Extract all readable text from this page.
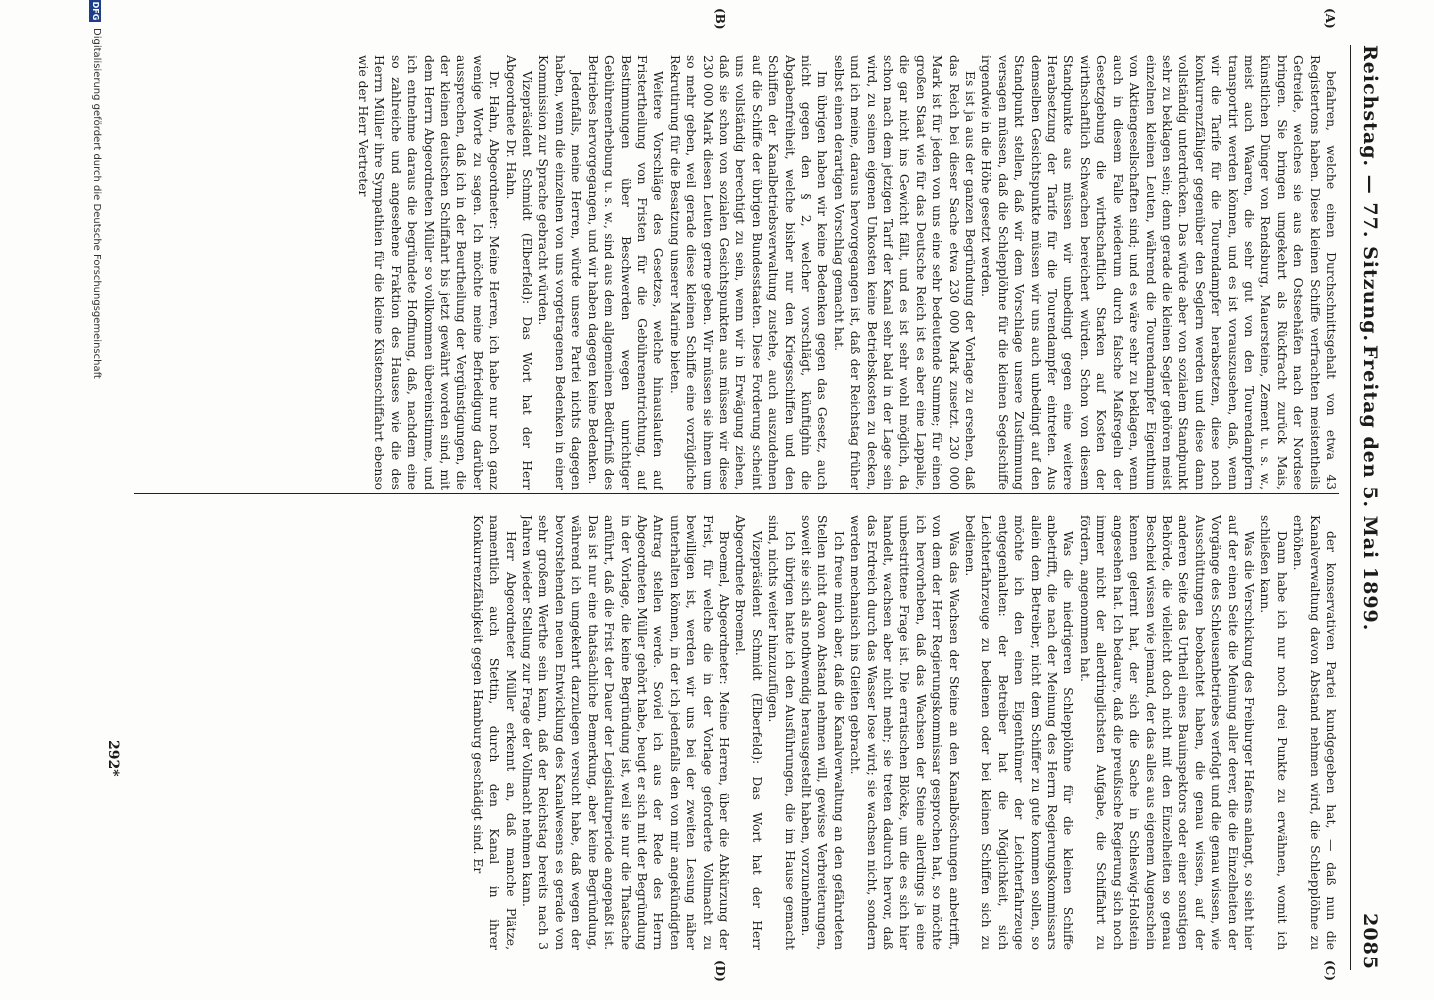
Reichstag. — 77. Sitzung.
Freitag den 5. Mai 1899.
2085
(A)
(B)
(C)
(D)

befahren, welche einen Durchschnittsgehalt von etwa 43 Registertons haben. Diese kleinen Schiffe verfrachten meistentheils Getreide, welches sie aus den Ostseehäfen nach der Nordsee bringen. Sie bringen umgekehrt als Rückfracht zurück Mais, künstlichen Dünger von Rendsburg, Mauersteine, Zement u. s. w., meist auch Waaren, die sehr gut von den Tourendampfern transportirt werden können, und es ist vorauszusehen, daß, wenn wir die Tarife für die Tourendampfer herabsetzen, diese noch konkurrenzfähiger gegenüber den Seglern werden und diese dann vollständig unterdrücken. Das würde aber von sozialem Standpunkt sehr zu beklagen sein; denn gerade die kleinen Segler gehören meist einzelnen kleinen Leuten, während die Tourendampfer Eigenthum von Aktiengesellschaften sind; und es wäre sehr zu beklagen, wenn auch in diesem Falle wiederum durch falsche Maßregeln der Gesetzgebung die wirthschaftlich Starken auf Kosten der wirthschaftlich Schwachen bereichert würden. Schon von diesem Standpunkte aus müssen wir unbedingt gegen eine weitere Herabsetzung der Tarife für die Tourendampfer eintreten. Aus demselben Gesichtspunkte müssen wir uns auch unbedingt auf den Standpunkt stellen, daß wir dem Vorschlage unsere Zustimmung versagen müssen, daß die Schlepplöhne für die kleinen Segelschiffe irgendwie in die Höhe gesetzt werden.

Es ist ja aus der ganzen Begründung der Vorlage zu ersehen, daß das Reich bei dieser Sache etwa 230 000 Mark zusetzt. 230 000 Mark ist für jeden von uns eine sehr bedeutende Summe; für einen großen Staat wie für das Deutsche Reich ist es aber eine Lappalie, die gar nicht ins Gewicht fällt, und es ist sehr wohl möglich, da schon nach dem jetzigen Tarif der Kanal sehr bald in der Lage sein wird, zu seinen eigenen Unkosten keine Betriebskosten zu decken, und ich meine, daraus hervorgegangen ist, daß der Reichstag früher selbst einen derartigen Vorschlag gemacht hat.

Im übrigen haben wir keine Bedenken gegen das Gesetz, auch nicht gegen den § 2, welcher vorschlägt, künftighin die Abgabenfreiheit, welche bisher nur den Kriegsschiffen und den Schiffen der Kanalbetriebsverwaltung zustehe, auch auszudehnen auf die Schiffe der übrigen Bundesstaaten. Diese Forderung scheint uns vollständig berechtigt zu sein, wenn wir in Erwägung ziehen, daß sie schon von sozialen Gesichtspunkten aus müssen wir diese 230 000 Mark diesen Leuten gerne geben. Wir müssen sie ihnen um so mehr geben, weil gerade diese kleinen Schiffe eine vorzügliche Rekrutirung für die Besatzung unserer Marine bieten.

Weitere Vorschläge des Gesetzes, welche hinauslaufen auf Fristertheilung von Fristen für die Gebührenentrichtung, auf Bestimmungen über Beschwerden wegen unrichtiger Gebührenerhebung u. s. w., sind aus dem allgemeinen Bedürfniß des Betriebes hervorgegangen, und wir haben dagegen keine Bedenken.

Jedenfalls, meine Herren, würde unsere Partei nichts dagegen haben, wenn die einzelnen von uns vorgetragenen Bedenken in einer Kommission zur Sprache gebracht würden.

Vizepräsident Schmidt (Elberfeld): Das Wort hat der Herr Abgeordnete Dr. Hahn.

Dr. Hahn, Abgeordneter: Meine Herren, ich habe nur noch ganz wenige Worte zu sagen. Ich möchte meine Befriedigung darüber aussprechen, daß ich in der Beurtheilung der Vergünstigungen, die der kleinen deutschen Schiffahrt bis jetzt gewährt worden sind, mit dem Herrn Abgeordneten Müller so vollkommen übereinstimme, und ich entnehme daraus die begründete Hoffnung, daß, nachdem eine so zahlreiche und angesehene Fraktion des Hauses wie die des Herrn Müller ihre Sympathien für die kleine Küstenschiffahrt ebenso wie der Herr Vertreter

der konservativen Partei kundgegeben hat, — daß nun die Kanalverwaltung davon Abstand nehmen wird, die Schlepplöhne zu erhöhen.

Dann habe ich nur noch drei Punkte zu erwähnen, womit ich schließen kann.

Was die Verschickung des Freiburger Hafens anlangt, so sieht hier auf der einen Seite die Meinung aller derer, die die Einzelheiten der Vorgänge des Schleusenbetriebes verfolgt und die genau wissen, wie Ausschüttungen beobachtet haben, die genau wissen, auf der anderen Seite das Urtheil eines Bauinspektors oder einer sonstigen Behörde, die vielleicht doch nicht mit den Einzelheiten so genau Bescheid wissen wie jemand, der das alles aus eigenem Augenschein kennen gelernt hat, der sich die Sache in Schleswig-Holstein angesehen hat. Ich bedaure, daß die preußische Regierung sich noch immer nicht der allerdringlichsten Aufgabe, die Schiffahrt zu fördern, angenommen hat.

Was die niedrigeren Schlepplöhne für die kleinen Schiffe anbetrifft, die nach der Meinung des Herrn Regierungskommissars allein dem Betreiber, nicht dem Schiffer zu gute kommen sollen, so möchte ich den einen Eigenthümer der Leichterfahrzeuge entgegenhalten: der Betreiber hat die Möglichkeit, sich Leichterfahrzeuge zu bedienen oder bei kleinen Schiffen sich zu bedienen.

Was das Wachsen der Steine an den Kanalböschungen anbetrifft, von dem der Herr Regierungskommissar gesprochen hat, so möchte ich hervorheben, daß das Wachsen der Steine allerdings ja eine unbestrittene Frage ist. Die erratischen Blöcke, um die es sich hier handelt, wachsen aber nicht mehr; sie treten dadurch hervor, daß das Erdreich durch das Wasser lose wird; sie wachsen nicht, sondern werden mechanisch ins Gleiten gebracht.

Ich freue mich aber, daß die Kanalverwaltung an den gefährdeten Stellen nicht davon Abstand nehmen will, gewisse Verbreiterungen, soweit sie sich als nothwendig herausgestellt haben, vorzunehmen.

Ich übrigen hatte ich den Ausführungen, die im Hause gemacht sind, nichts weiter hinzuzufügen.

Vizepräsident Schmidt (Elberfeld): Das Wort hat der Herr Abgeordnete Broemel.

Broemel, Abgeordneter: Meine Herren, über die Abkürzung der Frist, für welche die in der Vorlage geforderte Vollmacht zu bewilligen ist, werden wir uns bei der zweiten Lesung näher unterhalten können, in der ich jedenfalls den von mir angekündigten Antrag stellen werde. Soviel ich aus der Rede des Herrn Abgeordneten Müller gehört habe, beugt er sich mit der Begründung in der Vorlage, die keine Begründung ist, weil sie nur die Thatsache anführt, daß die Frist der Dauer der Legislaturperiode angepaßt ist. Das ist nur eine thatsächliche Bemerkung, aber keine Begründung, während ich umgekehrt darzulegen versucht habe, daß wegen der bevorstehenden neuen Entwicklung des Kanalwesens es gerade von sehr großem Werthe sein kann, daß der Reichstag bereits nach 3 Jahren wieder Stellung zur Frage der Vollmacht nehmen kann.

Herr Abgeordneter Müller erkennt an, daß manche Plätze, namentlich auch Stettin, durch den Kanal in ihrer Konkurrenzfähigkeit gegen Hamburg geschädigt sind. Er

292*
DFG
Digitalisierung gefördert durch die Deutsche Forschungsgemeinschaft
